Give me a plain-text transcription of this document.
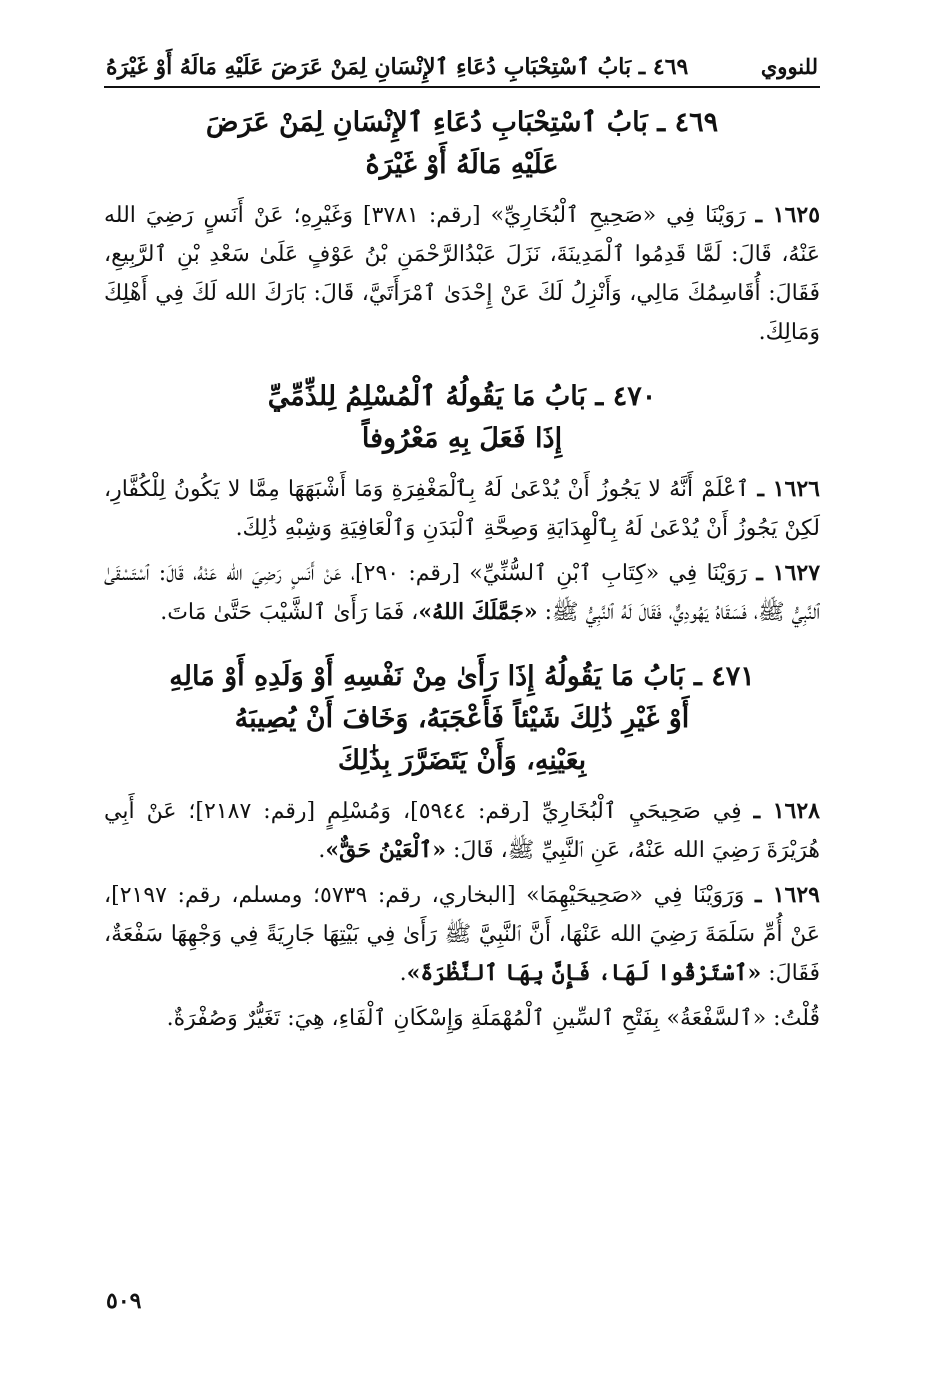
للنووي
٤٦٩ ـ بَابُ ٱسْتِحْبَابِ دُعَاءِ ٱلإِنْسَانِ لِمَنْ عَرَضَ عَلَيْهِ مَالَهُ أَوْ غَيْرَهُ
٤٦٩ ـ بَابُ ٱسْتِحْبَابِ دُعَاءِ ٱلإِنْسَانِ لِمَنْ عَرَضَ
عَلَيْهِ مَالَهُ أَوْ غَيْرَهُ

١٦٢٥ ـ رَوَيْنَا فِي «صَحِيحِ ٱلْبُخَارِيِّ» [رقم: ٣٧٨١] وَغَيْرِهِ؛ عَنْ أَنَسٍ رَضِيَ الله عَنْهُ، قَالَ: لَمَّا قَدِمُوا ٱلْمَدِينَةَ، نَزَلَ عَبْدُالرَّحْمَنِ بْنُ عَوْفٍ عَلَىٰ سَعْدِ بْنِ ٱلرَّبِيعِ، فَقَالَ: أُقَاسِمُكَ مَالِي، وَأَنْزِلُ لَكَ عَنْ إِحْدَىٰ ٱمْرَأَتَيَّ، قَالَ: بَارَكَ الله لَكَ فِي أَهْلِكَ وَمَالِكَ.

٤٧٠ ـ بَابُ مَا يَقُولُهُ ٱلْمُسْلِمُ لِلذِّمِّيِّ
إِذَا فَعَلَ بِهِ مَعْرُوفاً

١٦٢٦ ـ ٱعْلَمْ أَنَّهُ لا يَجُوزُ أَنْ يُدْعَىٰ لَهُ بِٱلْمَغْفِرَةِ وَمَا أَشْبَهَهَا مِمَّا لا يَكُونُ لِلْكُفَّارِ، لَكِنْ يَجُوزُ أَنْ يُدْعَىٰ لَهُ بِٱلْهِدَايَةِ وَصِحَّةِ ٱلْبَدَنِ وَٱلْعَافِيَةِ وَشِبْهِ ذَٰلِكَ.

١٦٢٧ ـ رَوَيْنَا فِي «كِتَابِ ٱبْنِ ٱلسُّنِّيِّ» [رقم: ٢٩٠]، عَنْ أَنَسٍ رَضِيَ الله عَنْهُ، قَالَ: ٱسْتَسْقَىٰ ٱلنَّبِيُّ ﷺ، فَسَقَاهُ يَهُودِيٌّ، فَقَالَ لَهُ ٱلنَّبِيُّ ﷺ: «جَمَّلَكَ اللهُ»، فَمَا رَأَىٰ ٱلشَّيْبَ حَتَّىٰ مَاتَ.

٤٧١ ـ بَابُ مَا يَقُولُهُ إِذَا رَأَىٰ مِنْ نَفْسِهِ أَوْ وَلَدِهِ أَوْ مَالِهِ
أَوْ غَيْرِ ذَٰلِكَ شَيْئاً فَأَعْجَبَهُ، وَخَافَ أَنْ يُصِيبَهُ
بِعَيْنِهِ، وَأَنْ يَتَضَرَّرَ بِذَٰلِكَ

١٦٢٨ ـ فِي صَحِيحَيِ ٱلْبُخَارِيِّ [رقم: ٥٩٤٤]، وَمُسْلِمٍ [رقم: ٢١٨٧]؛ عَنْ أَبِي هُرَيْرَةَ رَضِيَ الله عَنْهُ، عَنِ ٱلنَّبِيِّ ﷺ، قَالَ: «ٱلْعَيْنُ حَقٌّ».

١٦٢٩ ـ وَرَوَيْنَا فِي «صَحِيحَيْهِمَا» [البخاري، رقم: ٥٧٣٩؛ ومسلم، رقم: ٢١٩٧]، عَنْ أُمِّ سَلَمَةَ رَضِيَ الله عَنْهَا، أَنَّ ٱلنَّبِيَّ ﷺ رَأَىٰ فِي بَيْتِهَا جَارِيَةً فِي وَجْهِهَا سَفْعَةٌ، فَقَالَ: «ٱسْتَرْقُوا لَهَا، فَإِنَّ بِهَا ٱلنَّظْرَةَ».

قُلْتُ: «ٱلسَّفْعَةُ» بِفَتْحِ ٱلسِّينِ ٱلْمُهْمَلَةِ وَإِسْكَانِ ٱلْفَاءِ، هِيَ: تَغَيُّرٌ وَصُفْرَةٌ.

٥٠٩
